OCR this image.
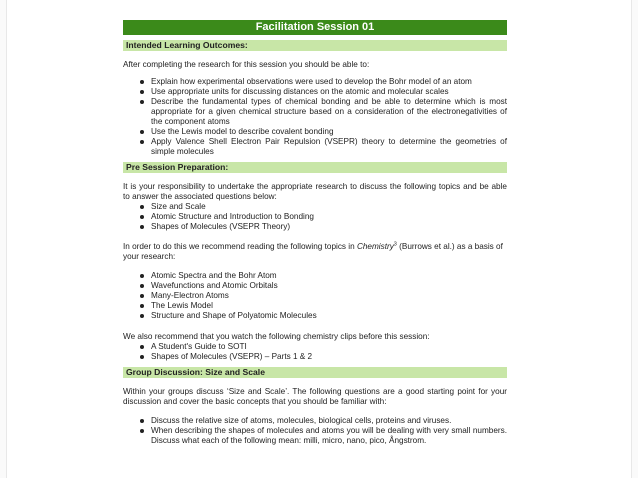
Facilitation Session 01
Intended Learning Outcomes:

After completing the research for this session you should be able to:

Explain how experimental observations were used to develop the Bohr model of an atom
Use appropriate units for discussing distances on the atomic and molecular scales
Describe the fundamental types of chemical bonding and be able to determine which is most appropriate for a given chemical structure based on a consideration of the electronegativities of the component atoms
Use the Lewis model to describe covalent bonding
Apply Valence Shell Electron Pair Repulsion (VSEPR) theory to determine the geometries of simple molecules
Pre Session Preparation:

It is your responsibility to undertake the appropriate research to discuss the following topics and be able to answer the associated questions below:

Size and Scale
Atomic Structure and Introduction to Bonding
Shapes of Molecules (VSEPR Theory)

In order to do this we recommend reading the following topics in Chemistry$^3$ (Burrows et al.) as a basis of your research:

Atomic Spectra and the Bohr Atom
Wavefunctions and Atomic Orbitals
Many-Electron Atoms
The Lewis Model
Structure and Shape of Polyatomic Molecules

We also recommend that you watch the following chemistry clips before this session:

A Student's Guide to SOTI
Shapes of Molecules (VSEPR) – Parts 1 & 2
Group Discussion: Size and Scale

Within your groups discuss ‘Size and Scale’. The following questions are a good starting point for your discussion and cover the basic concepts that you should be familiar with:

Discuss the relative size of atoms, molecules, biological cells, proteins and viruses.
When describing the shapes of molecules and atoms you will be dealing with very small numbers. Discuss what each of the following mean: milli, micro, nano, pico, Ångstrom.
